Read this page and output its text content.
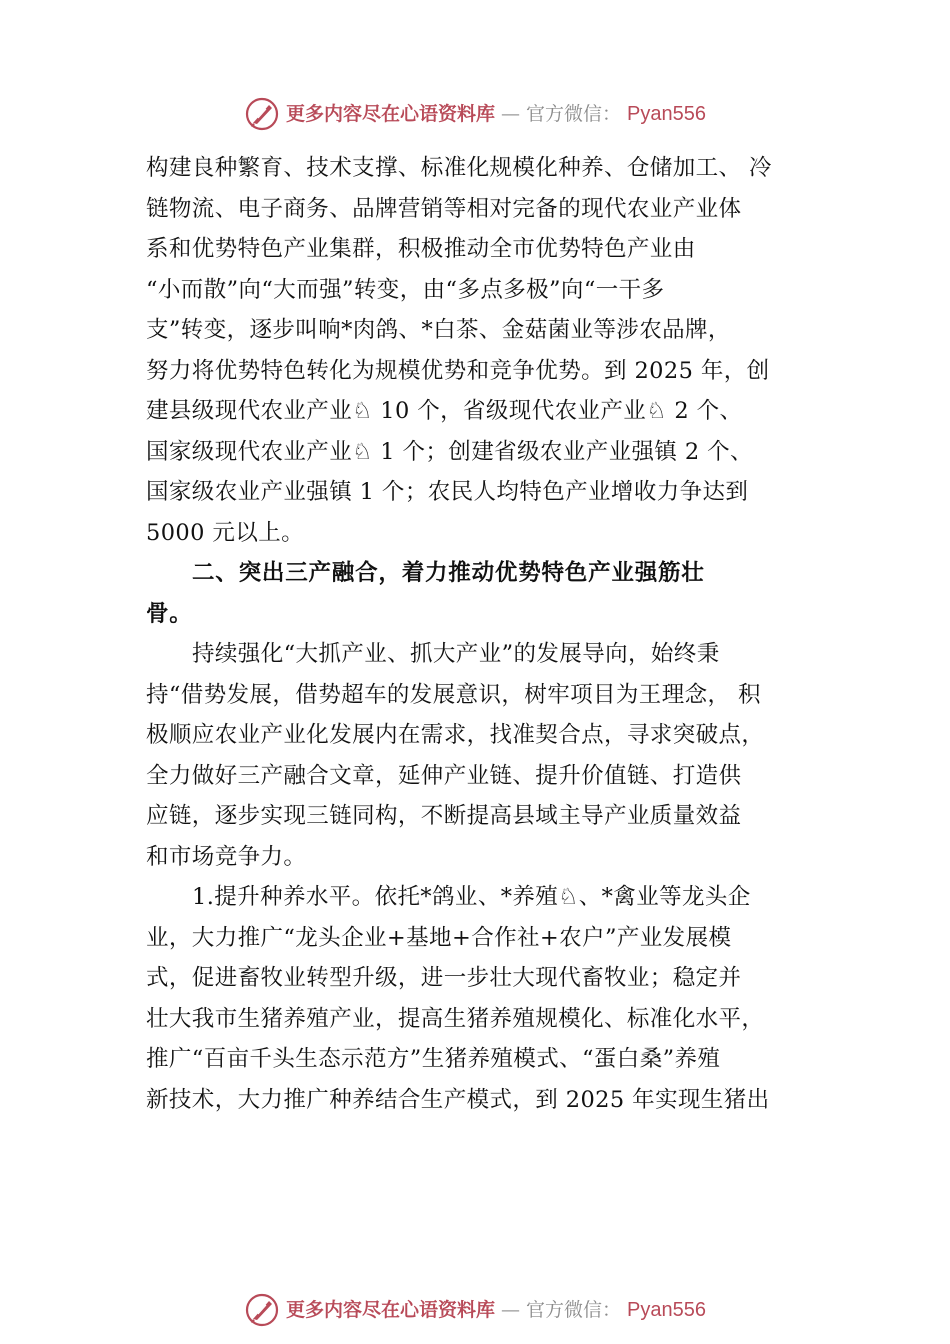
更多内容尽在心语资料库 — 官方微信： Pyan556
构建良种繁育、技术支撑、标准化规模化种养、仓储加工、 冷
链物流、电子商务、品牌营销等相对完备的现代农业产业体
系和优势特色产业集群，积极推动全市优势特色产业由
“小而散”向“大而强”转变，由“多点多极”向“一干多
支”转变，逐步叫响*肉鸽、*白茶、金菇菌业等涉农品牌，
努力将优势特色转化为规模优势和竞争优势。到 2025 年，创
建县级现代农业产业♘ 10 个，省级现代农业产业♘ 2 个、
国家级现代农业产业♘ 1 个；创建省级农业产业强镇 2 个、
国家级农业产业强镇 1 个；农民人均特色产业增收力争达到
5000 元以上。
二、突出三产融合，着力推动优势特色产业强筋壮
骨。
持续强化“大抓产业、抓大产业”的发展导向，始终秉
持“借势发展，借势超车的发展意识，树牢项目为王理念， 积
极顺应农业产业化发展内在需求，找准契合点，寻求突破点，
全力做好三产融合文章，延伸产业链、提升价值链、打造供
应链，逐步实现三链同构，不断提高县域主导产业质量效益
和市场竞争力。
1.提升种养水平。依托*鸽业、*养殖♘、*禽业等龙头企
业，大力推广“龙头企业+基地+合作社+农户”产业发展模
式，促进畜牧业转型升级，进一步壮大现代畜牧业；稳定并
壮大我市生猪养殖产业，提高生猪养殖规模化、标准化水平，
推广“百亩千头生态示范方”生猪养殖模式、“蛋白桑”养殖
新技术，大力推广种养结合生产模式，到 2025 年实现生猪出
更多内容尽在心语资料库 — 官方微信： Pyan556
